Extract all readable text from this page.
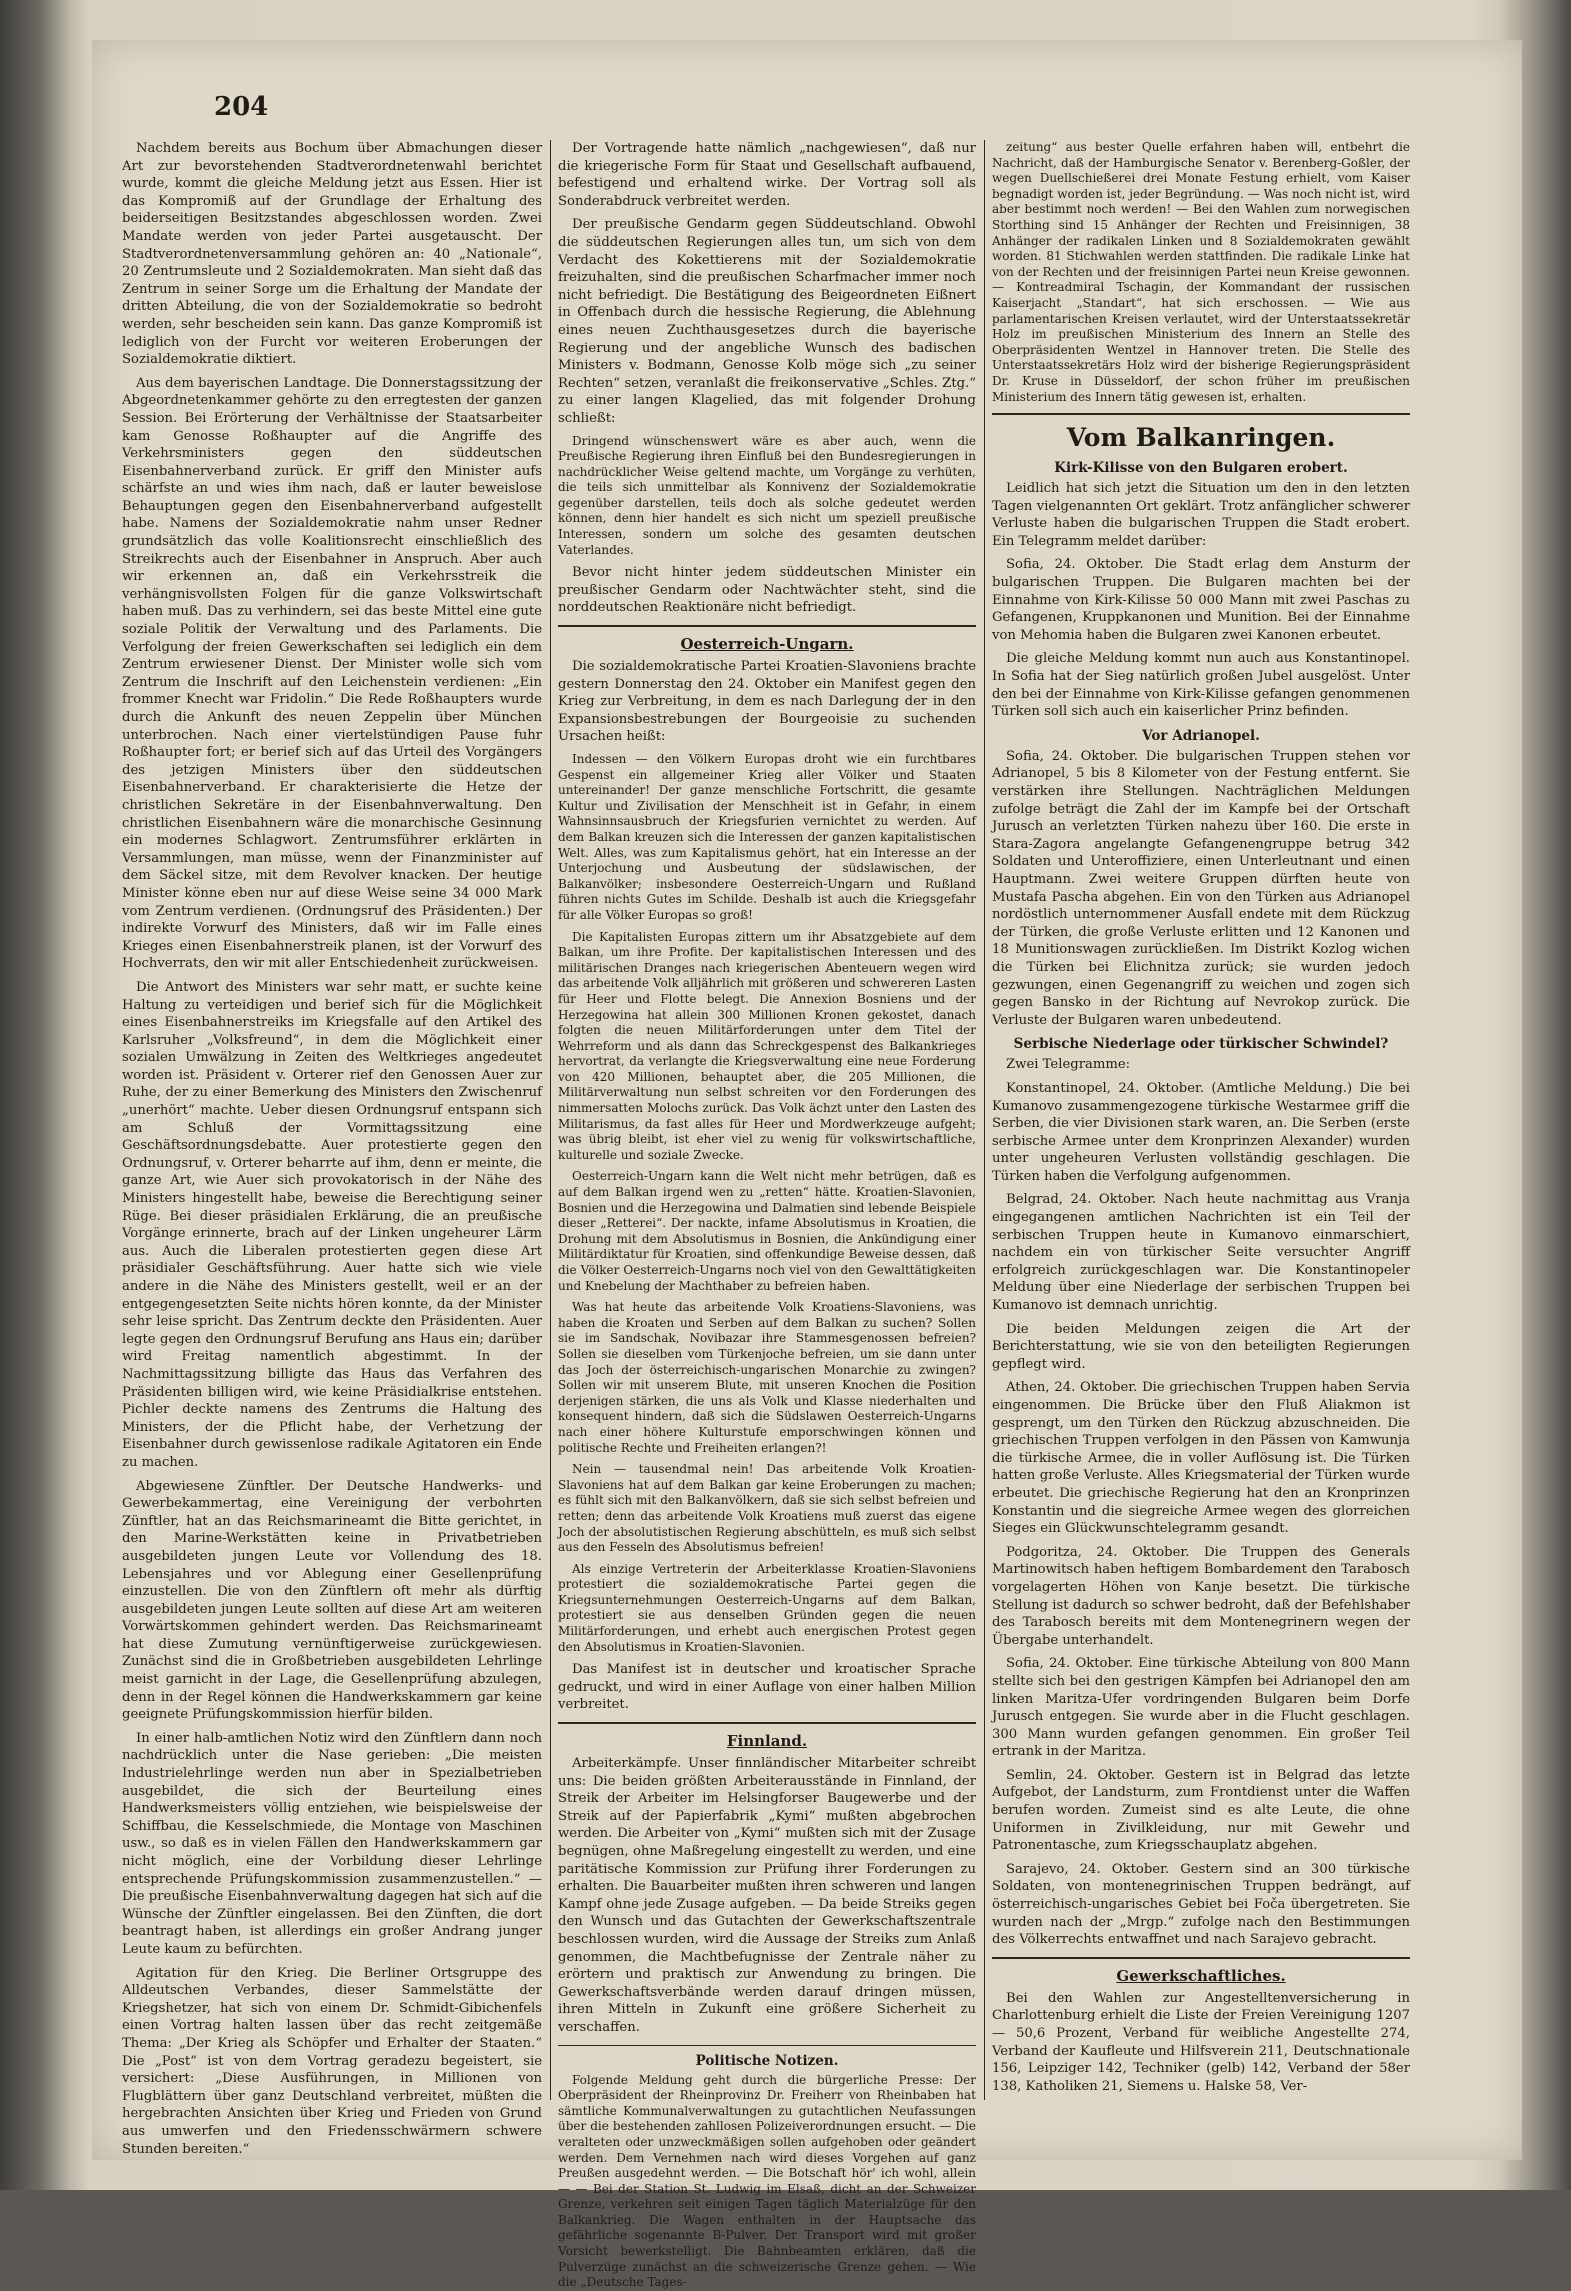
204

Nachdem bereits aus Bochum über Abmachungen dieser Art zur bevorstehenden Stadtverordnetenwahl berichtet wurde, kommt die gleiche Meldung jetzt aus Essen. Hier ist das Kompromiß auf der Grundlage der Erhaltung des beiderseitigen Besitzstandes abgeschlossen worden. Zwei Mandate werden von jeder Partei ausgetauscht. Der Stadtverordnetenversammlung gehören an: 40 „Nationale“, 20 Zentrumsleute und 2 Sozialdemokraten. Man sieht daß das Zentrum in seiner Sorge um die Erhaltung der Mandate der dritten Abteilung, die von der Sozialdemokratie so bedroht werden, sehr bescheiden sein kann. Das ganze Kompromiß ist lediglich von der Furcht vor weiteren Eroberungen der Sozialdemokratie diktiert.

Aus dem bayerischen Landtage. Die Donnerstagssitzung der Abgeordnetenkammer gehörte zu den erregtesten der ganzen Session. Bei Erörterung der Verhältnisse der Staatsarbeiter kam Genosse Roßhaupter auf die Angriffe des Verkehrsministers gegen den süddeutschen Eisenbahnerverband zurück. Er griff den Minister aufs schärfste an und wies ihm nach, daß er lauter beweislose Behauptungen gegen den Eisenbahnerverband aufgestellt habe. Namens der Sozialdemokratie nahm unser Redner grundsätzlich das volle Koalitionsrecht einschließlich des Streikrechts auch der Eisenbahner in Anspruch. Aber auch wir erkennen an, daß ein Verkehrsstreik die verhängnisvollsten Folgen für die ganze Volkswirtschaft haben muß. Das zu verhindern, sei das beste Mittel eine gute soziale Politik der Verwaltung und des Parlaments. Die Verfolgung der freien Gewerkschaften sei lediglich ein dem Zentrum erwiesener Dienst. Der Minister wolle sich vom Zentrum die Inschrift auf den Leichenstein verdienen: „Ein frommer Knecht war Fridolin.“ Die Rede Roßhaupters wurde durch die Ankunft des neuen Zeppelin über München unterbrochen. Nach einer viertelstündigen Pause fuhr Roßhaupter fort; er berief sich auf das Urteil des Vorgängers des jetzigen Ministers über den süddeutschen Eisenbahnerverband. Er charakterisierte die Hetze der christlichen Sekretäre in der Eisenbahnverwaltung. Den christlichen Eisenbahnern wäre die monarchische Gesinnung ein modernes Schlagwort. Zentrumsführer erklärten in Versammlungen, man müsse, wenn der Finanzminister auf dem Säckel sitze, mit dem Revolver knacken. Der heutige Minister könne eben nur auf diese Weise seine 34 000 Mark vom Zentrum verdienen. (Ordnungsruf des Präsidenten.) Der indirekte Vorwurf des Ministers, daß wir im Falle eines Krieges einen Eisenbahnerstreik planen, ist der Vorwurf des Hochverrats, den wir mit aller Entschiedenheit zurückweisen.

Die Antwort des Ministers war sehr matt, er suchte keine Haltung zu verteidigen und berief sich für die Möglichkeit eines Eisenbahnerstreiks im Kriegsfalle auf den Artikel des Karlsruher „Volksfreund“, in dem die Möglichkeit einer sozialen Umwälzung in Zeiten des Weltkrieges angedeutet worden ist. Präsident v. Orterer rief den Genossen Auer zur Ruhe, der zu einer Bemerkung des Ministers den Zwischenruf „unerhört“ machte. Ueber diesen Ordnungsruf entspann sich am Schluß der Vormittagssitzung eine Geschäftsordnungsdebatte. Auer protestierte gegen den Ordnungsruf, v. Orterer beharrte auf ihm, denn er meinte, die ganze Art, wie Auer sich provokatorisch in der Nähe des Ministers hingestellt habe, beweise die Berechtigung seiner Rüge. Bei dieser präsidialen Erklärung, die an preußische Vorgänge erinnerte, brach auf der Linken ungeheurer Lärm aus. Auch die Liberalen protestierten gegen diese Art präsidialer Geschäftsführung. Auer hatte sich wie viele andere in die Nähe des Ministers gestellt, weil er an der entgegengesetzten Seite nichts hören konnte, da der Minister sehr leise spricht. Das Zentrum deckte den Präsidenten. Auer legte gegen den Ordnungsruf Berufung ans Haus ein; darüber wird Freitag namentlich abgestimmt. In der Nachmittagssitzung billigte das Haus das Verfahren des Präsidenten billigen wird, wie keine Präsidialkrise entstehen. Pichler deckte namens des Zentrums die Haltung des Ministers, der die Pflicht habe, der Verhetzung der Eisenbahner durch gewissenlose radikale Agitatoren ein Ende zu machen.

Abgewiesene Zünftler. Der Deutsche Handwerks- und Gewerbekammertag, eine Vereinigung der verbohrten Zünftler, hat an das Reichsmarineamt die Bitte gerichtet, in den Marine-Werkstätten keine in Privatbetrieben ausgebildeten jungen Leute vor Vollendung des 18. Lebensjahres und vor Ablegung einer Gesellenprüfung einzustellen. Die von den Zünftlern oft mehr als dürftig ausgebildeten jungen Leute sollten auf diese Art am weiteren Vorwärtskommen gehindert werden. Das Reichsmarineamt hat diese Zumutung vernünftigerweise zurückgewiesen. Zunächst sind die in Großbetrieben ausgebildeten Lehrlinge meist garnicht in der Lage, die Gesellenprüfung abzulegen, denn in der Regel können die Handwerkskammern gar keine geeignete Prüfungskommission hierfür bilden.

In einer halb-amtlichen Notiz wird den Zünftlern dann noch nachdrücklich unter die Nase gerieben: „Die meisten Industrielehrlinge werden nun aber in Spezialbetrieben ausgebildet, die sich der Beurteilung eines Handwerksmeisters völlig entziehen, wie beispielsweise der Schiffbau, die Kesselschmiede, die Montage von Maschinen usw., so daß es in vielen Fällen den Handwerkskammern gar nicht möglich, eine der Vorbildung dieser Lehrlinge entsprechende Prüfungskommission zusammenzustellen.“ — Die preußische Eisenbahnverwaltung dagegen hat sich auf die Wünsche der Zünftler eingelassen. Bei den Zünften, die dort beantragt haben, ist allerdings ein großer Andrang junger Leute kaum zu befürchten.

Agitation für den Krieg. Die Berliner Ortsgruppe des Alldeutschen Verbandes, dieser Sammelstätte der Kriegshetzer, hat sich von einem Dr. Schmidt-Gibichenfels einen Vortrag halten lassen über das recht zeitgemäße Thema: „Der Krieg als Schöpfer und Erhalter der Staaten.“ Die „Post“ ist von dem Vortrag geradezu begeistert, sie versichert: „Diese Ausführungen, in Millionen von Flugblättern über ganz Deutschland verbreitet, müßten die hergebrachten Ansichten über Krieg und Frieden von Grund aus umwerfen und den Friedensschwärmern schwere Stunden bereiten.“

Der Vortragende hatte nämlich „nachgewiesen“, daß nur die kriegerische Form für Staat und Gesellschaft aufbauend, befestigend und erhaltend wirke. Der Vortrag soll als Sonderabdruck verbreitet werden.

Der preußische Gendarm gegen Süddeutschland. Obwohl die süddeutschen Regierungen alles tun, um sich von dem Verdacht des Kokettierens mit der Sozialdemokratie freizuhalten, sind die preußischen Scharfmacher immer noch nicht befriedigt. Die Bestätigung des Beigeordneten Eißnert in Offenbach durch die hessische Regierung, die Ablehnung eines neuen Zuchthausgesetzes durch die bayerische Regierung und der angebliche Wunsch des badischen Ministers v. Bodmann, Genosse Kolb möge sich „zu seiner Rechten“ setzen, veranlaßt die freikonservative „Schles. Ztg.“ zu einer langen Klagelied, das mit folgender Drohung schließt:

Dringend wünschenswert wäre es aber auch, wenn die Preußische Regierung ihren Einfluß bei den Bundesregierungen in nachdrücklicher Weise geltend machte, um Vorgänge zu verhüten, die teils sich unmittelbar als Konnivenz der Sozialdemokratie gegenüber darstellen, teils doch als solche gedeutet werden können, denn hier handelt es sich nicht um speziell preußische Interessen, sondern um solche des gesamten deutschen Vaterlandes.

Bevor nicht hinter jedem süddeutschen Minister ein preußischer Gendarm oder Nachtwächter steht, sind die norddeutschen Reaktionäre nicht befriedigt.

Oesterreich-Ungarn.

Die sozialdemokratische Partei Kroatien-Slavoniens brachte gestern Donnerstag den 24. Oktober ein Manifest gegen den Krieg zur Verbreitung, in dem es nach Darlegung der in den Expansionsbestrebungen der Bourgeoisie zu suchenden Ursachen heißt:

Indessen — den Völkern Europas droht wie ein furchtbares Gespenst ein allgemeiner Krieg aller Völker und Staaten untereinander! Der ganze menschliche Fortschritt, die gesamte Kultur und Zivilisation der Menschheit ist in Gefahr, in einem Wahnsinnsausbruch der Kriegsfurien vernichtet zu werden. Auf dem Balkan kreuzen sich die Interessen der ganzen kapitalistischen Welt. Alles, was zum Kapitalismus gehört, hat ein Interesse an der Unterjochung und Ausbeutung der südslawischen, der Balkanvölker; insbesondere Oesterreich-Ungarn und Rußland führen nichts Gutes im Schilde. Deshalb ist auch die Kriegsgefahr für alle Völker Europas so groß!

Die Kapitalisten Europas zittern um ihr Absatzgebiete auf dem Balkan, um ihre Profite. Der kapitalistischen Interessen und des militärischen Dranges nach kriegerischen Abenteuern wegen wird das arbeitende Volk alljährlich mit größeren und schwereren Lasten für Heer und Flotte belegt. Die Annexion Bosniens und der Herzegowina hat allein 300 Millionen Kronen gekostet, danach folgten die neuen Militärforderungen unter dem Titel der Wehrreform und als dann das Schreckgespenst des Balkankrieges hervortrat, da verlangte die Kriegsverwaltung eine neue Forderung von 420 Millionen, behauptet aber, die 205 Millionen, die Militärverwaltung nun selbst schreiten vor den Forderungen des nimmersatten Molochs zurück. Das Volk ächzt unter den Lasten des Militarismus, da fast alles für Heer und Mordwerkzeuge aufgeht; was übrig bleibt, ist eher viel zu wenig für volkswirtschaftliche, kulturelle und soziale Zwecke.

Oesterreich-Ungarn kann die Welt nicht mehr betrügen, daß es auf dem Balkan irgend wen zu „retten“ hätte. Kroatien-Slavonien, Bosnien und die Herzegowina und Dalmatien sind lebende Beispiele dieser „Retterei“. Der nackte, infame Absolutismus in Kroatien, die Drohung mit dem Absolutismus in Bosnien, die Ankündigung einer Militärdiktatur für Kroatien, sind offenkundige Beweise dessen, daß die Völker Oesterreich-Ungarns noch viel von den Gewalttätigkeiten und Knebelung der Machthaber zu befreien haben.

Was hat heute das arbeitende Volk Kroatiens-Slavoniens, was haben die Kroaten und Serben auf dem Balkan zu suchen? Sollen sie im Sandschak, Novibazar ihre Stammesgenossen befreien? Sollen sie dieselben vom Türkenjoche befreien, um sie dann unter das Joch der österreichisch-ungarischen Monarchie zu zwingen? Sollen wir mit unserem Blute, mit unseren Knochen die Position derjenigen stärken, die uns als Volk und Klasse niederhalten und konsequent hindern, daß sich die Südslawen Oesterreich-Ungarns nach einer höhere Kulturstufe emporschwingen können und politische Rechte und Freiheiten erlangen?!

Nein — tausendmal nein! Das arbeitende Volk Kroatien-Slavoniens hat auf dem Balkan gar keine Eroberungen zu machen; es fühlt sich mit den Balkanvölkern, daß sie sich selbst befreien und retten; denn das arbeitende Volk Kroatiens muß zuerst das eigene Joch der absolutistischen Regierung abschütteln, es muß sich selbst aus den Fesseln des Absolutismus befreien!

Als einzige Vertreterin der Arbeiterklasse Kroatien-Slavoniens protestiert die sozialdemokratische Partei gegen die Kriegsunternehmungen Oesterreich-Ungarns auf dem Balkan, protestiert sie aus denselben Gründen gegen die neuen Militärforderungen, und erhebt auch energischen Protest gegen den Absolutismus in Kroatien-Slavonien.

Das Manifest ist in deutscher und kroatischer Sprache gedruckt, und wird in einer Auflage von einer halben Million verbreitet.

Finnland.

Arbeiterkämpfe. Unser finnländischer Mitarbeiter schreibt uns: Die beiden größten Arbeiterausstände in Finnland, der Streik der Arbeiter im Helsingforser Baugewerbe und der Streik auf der Papierfabrik „Kymi“ mußten abgebrochen werden. Die Arbeiter von „Kymi“ mußten sich mit der Zusage begnügen, ohne Maßregelung eingestellt zu werden, und eine paritätische Kommission zur Prüfung ihrer Forderungen zu erhalten. Die Bauarbeiter mußten ihren schweren und langen Kampf ohne jede Zusage aufgeben. — Da beide Streiks gegen den Wunsch und das Gutachten der Gewerkschaftszentrale beschlossen wurden, wird die Aussage der Streiks zum Anlaß genommen, die Machtbefugnisse der Zentrale näher zu erörtern und praktisch zur Anwendung zu bringen. Die Gewerkschaftsverbände werden darauf dringen müssen, ihren Mitteln in Zukunft eine größere Sicherheit zu verschaffen.

Politische Notizen.

Folgende Meldung geht durch die bürgerliche Presse: Der Oberpräsident der Rheinprovinz Dr. Freiherr von Rheinbaben hat sämtliche Kommunalverwaltungen zu gutachtlichen Neufassungen über die bestehenden zahllosen Polizeiverordnungen ersucht. — Die veralteten oder unzweckmäßigen sollen aufgehoben oder geändert werden. Dem Vernehmen nach wird dieses Vorgehen auf ganz Preußen ausgedehnt werden. — Die Botschaft hör' ich wohl, allein — — Bei der Station St. Ludwig im Elsaß, dicht an der Schweizer Grenze, verkehren seit einigen Tagen täglich Materialzüge für den Balkankrieg. Die Wagen enthalten in der Hauptsache das gefährliche sogenannte B-Pulver. Der Transport wird mit großer Vorsicht bewerkstelligt. Die Bahnbeamten erklären, daß die Pulverzüge zunächst an die schweizerische Grenze gehen. — Wie die „Deutsche Tages-

zeitung“ aus bester Quelle erfahren haben will, entbehrt die Nachricht, daß der Hamburgische Senator v. Berenberg-Goßler, der wegen Duellschießerei drei Monate Festung erhielt, vom Kaiser begnadigt worden ist, jeder Begründung. — Was noch nicht ist, wird aber bestimmt noch werden! — Bei den Wahlen zum norwegischen Storthing sind 15 Anhänger der Rechten und Freisinnigen, 38 Anhänger der radikalen Linken und 8 Sozialdemokraten gewählt worden. 81 Stichwahlen werden stattfinden. Die radikale Linke hat von der Rechten und der freisinnigen Partei neun Kreise gewonnen. — Kontreadmiral Tschagin, der Kommandant der russischen Kaiserjacht „Standart“, hat sich erschossen. — Wie aus parlamentarischen Kreisen verlautet, wird der Unterstaatssekretär Holz im preußischen Ministerium des Innern an Stelle des Oberpräsidenten Wentzel in Hannover treten. Die Stelle des Unterstaatssekretärs Holz wird der bisherige Regierungspräsident Dr. Kruse in Düsseldorf, der schon früher im preußischen Ministerium des Innern tätig gewesen ist, erhalten.

Vom Balkanringen.
Kirk-Kilisse von den Bulgaren erobert.

Leidlich hat sich jetzt die Situation um den in den letzten Tagen vielgenannten Ort geklärt. Trotz anfänglicher schwerer Verluste haben die bulgarischen Truppen die Stadt erobert. Ein Telegramm meldet darüber:

Sofia, 24. Oktober. Die Stadt erlag dem Ansturm der bulgarischen Truppen. Die Bulgaren machten bei der Einnahme von Kirk-Kilisse 50 000 Mann mit zwei Paschas zu Gefangenen, Kruppkanonen und Munition. Bei der Einnahme von Mehomia haben die Bulgaren zwei Kanonen erbeutet.

Die gleiche Meldung kommt nun auch aus Konstantinopel. In Sofia hat der Sieg natürlich großen Jubel ausgelöst. Unter den bei der Einnahme von Kirk-Kilisse gefangen genommenen Türken soll sich auch ein kaiserlicher Prinz befinden.

Vor Adrianopel.

Sofia, 24. Oktober. Die bulgarischen Truppen stehen vor Adrianopel, 5 bis 8 Kilometer von der Festung entfernt. Sie verstärken ihre Stellungen. Nachträglichen Meldungen zufolge beträgt die Zahl der im Kampfe bei der Ortschaft Jurusch an verletzten Türken nahezu über 160. Die erste in Stara-Zagora angelangte Gefangenengruppe betrug 342 Soldaten und Unteroffiziere, einen Unterleutnant und einen Hauptmann. Zwei weitere Gruppen dürften heute von Mustafa Pascha abgehen. Ein von den Türken aus Adrianopel nordöstlich unternommener Ausfall endete mit dem Rückzug der Türken, die große Verluste erlitten und 12 Kanonen und 18 Munitionswagen zurückließen. Im Distrikt Kozlog wichen die Türken bei Elichnitza zurück; sie wurden jedoch gezwungen, einen Gegenangriff zu weichen und zogen sich gegen Bansko in der Richtung auf Nevrokop zurück. Die Verluste der Bulgaren waren unbedeutend.

Serbische Niederlage oder türkischer Schwindel?

Zwei Telegramme:

Konstantinopel, 24. Oktober. (Amtliche Meldung.) Die bei Kumanovo zusammengezogene türkische Westarmee griff die Serben, die vier Divisionen stark waren, an. Die Serben (erste serbische Armee unter dem Kronprinzen Alexander) wurden unter ungeheuren Verlusten vollständig geschlagen. Die Türken haben die Verfolgung aufgenommen.

Belgrad, 24. Oktober. Nach heute nachmittag aus Vranja eingegangenen amtlichen Nachrichten ist ein Teil der serbischen Truppen heute in Kumanovo einmarschiert, nachdem ein von türkischer Seite versuchter Angriff erfolgreich zurückgeschlagen war. Die Konstantinopeler Meldung über eine Niederlage der serbischen Truppen bei Kumanovo ist demnach unrichtig.

Die beiden Meldungen zeigen die Art der Berichterstattung, wie sie von den beteiligten Regierungen gepflegt wird.

Athen, 24. Oktober. Die griechischen Truppen haben Servia eingenommen. Die Brücke über den Fluß Aliakmon ist gesprengt, um den Türken den Rückzug abzuschneiden. Die griechischen Truppen verfolgen in den Pässen von Kamwunja die türkische Armee, die in voller Auflösung ist. Die Türken hatten große Verluste. Alles Kriegsmaterial der Türken wurde erbeutet. Die griechische Regierung hat den an Kronprinzen Konstantin und die siegreiche Armee wegen des glorreichen Sieges ein Glückwunschtelegramm gesandt.

Podgoritza, 24. Oktober. Die Truppen des Generals Martinowitsch haben heftigem Bombardement den Tarabosch vorgelagerten Höhen von Kanje besetzt. Die türkische Stellung ist dadurch so schwer bedroht, daß der Befehlshaber des Tarabosch bereits mit dem Montenegrinern wegen der Übergabe unterhandelt.

Sofia, 24. Oktober. Eine türkische Abteilung von 800 Mann stellte sich bei den gestrigen Kämpfen bei Adrianopel den am linken Maritza-Ufer vordringenden Bulgaren beim Dorfe Jurusch entgegen. Sie wurde aber in die Flucht geschlagen. 300 Mann wurden gefangen genommen. Ein großer Teil ertrank in der Maritza.

Semlin, 24. Oktober. Gestern ist in Belgrad das letzte Aufgebot, der Landsturm, zum Frontdienst unter die Waffen berufen worden. Zumeist sind es alte Leute, die ohne Uniformen in Zivilkleidung, nur mit Gewehr und Patronentasche, zum Kriegsschauplatz abgehen.

Sarajevo, 24. Oktober. Gestern sind an 300 türkische Soldaten, von montenegrinischen Truppen bedrängt, auf österreichisch-ungarisches Gebiet bei Foča übergetreten. Sie wurden nach der „Mrgp.“ zufolge nach den Bestimmungen des Völkerrechts entwaffnet und nach Sarajevo gebracht.

Gewerkschaftliches.

Bei den Wahlen zur Angestelltenversicherung in Charlottenburg erhielt die Liste der Freien Vereinigung 1207 — 50,6 Prozent, Verband für weibliche Angestellte 274, Verband der Kaufleute und Hilfsverein 211, Deutschnationale 156, Leipziger 142, Techniker (gelb) 142, Verband der 58er 138, Katholiken 21, Siemens u. Halske 58, Ver-
